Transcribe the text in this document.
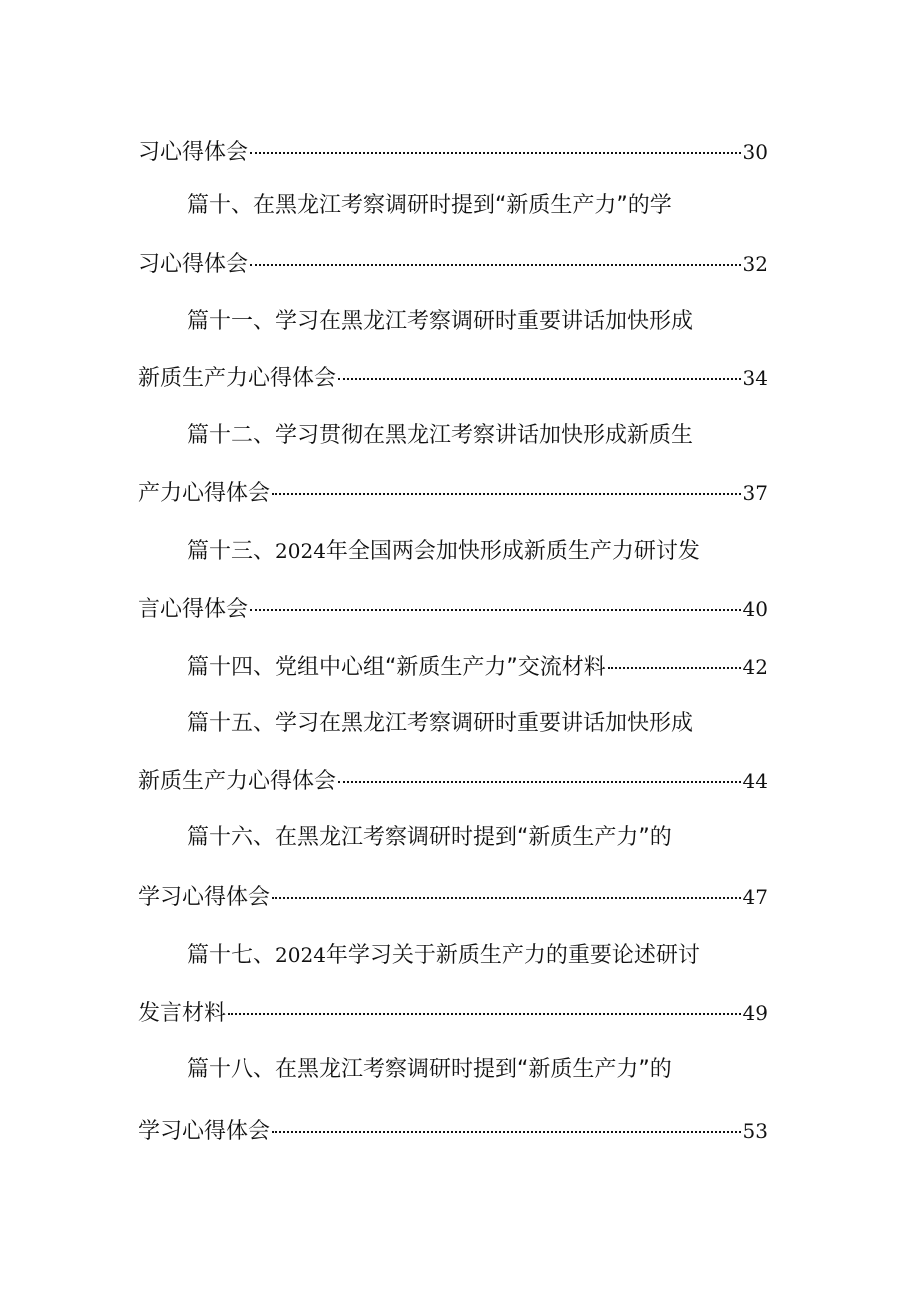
习心得体会	30
篇十、在黑龙江考察调研时提到“新质生产力”的学
习心得体会	32
篇十一、学习在黑龙江考察调研时重要讲话加快形成
新质生产力心得体会	34
篇十二、学习贯彻在黑龙江考察讲话加快形成新质生
产力心得体会	37
篇十三、2024年全国两会加快形成新质生产力研讨发
言心得体会	40
篇十四、党组中心组“新质生产力”交流材料	42
篇十五、学习在黑龙江考察调研时重要讲话加快形成
新质生产力心得体会	44
篇十六、在黑龙江考察调研时提到“新质生产力”的
学习心得体会	47
篇十七、2024年学习关于新质生产力的重要论述研讨
发言材料	49
篇十八、在黑龙江考察调研时提到“新质生产力”的
学习心得体会	53
